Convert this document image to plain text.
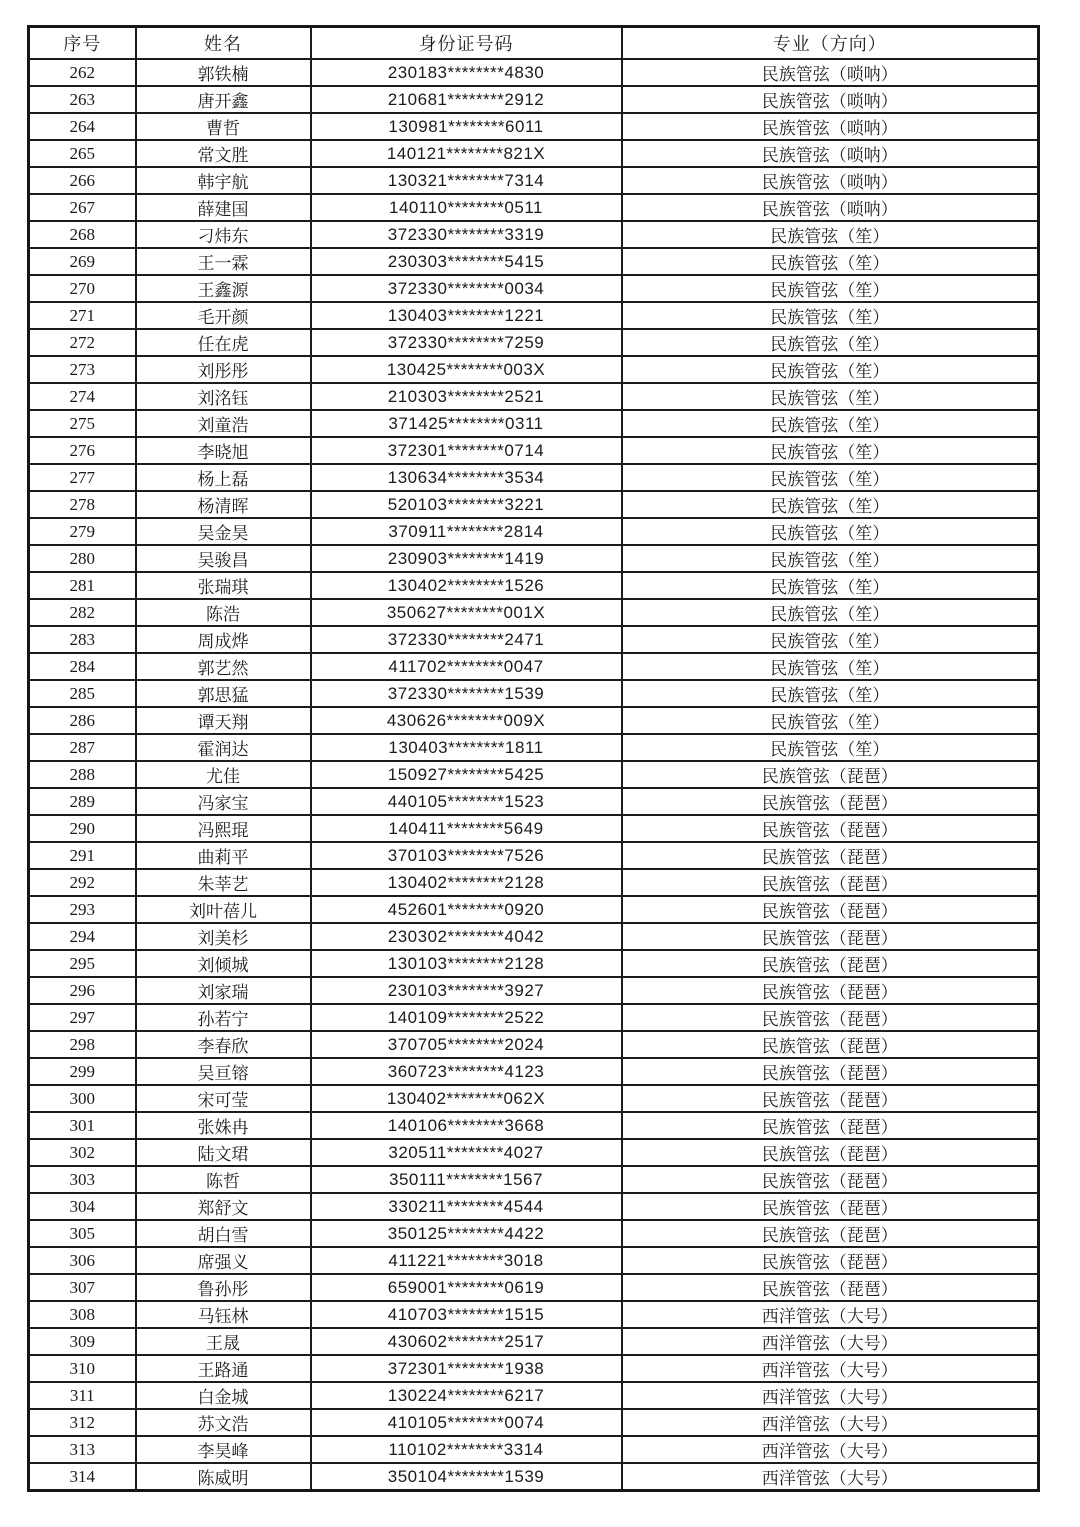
序号	姓名	身份证号码	专业（方向）
262	郭铁楠	230183********4830	民族管弦（唢呐）
263	唐开鑫	210681********2912	民族管弦（唢呐）
264	曹哲	130981********6011	民族管弦（唢呐）
265	常文胜	140121********821X	民族管弦（唢呐）
266	韩宇航	130321********7314	民族管弦（唢呐）
267	薛建国	140110********0511	民族管弦（唢呐）
268	刁炜东	372330********3319	民族管弦（笙）
269	王一霖	230303********5415	民族管弦（笙）
270	王鑫源	372330********0034	民族管弦（笙）
271	毛开颜	130403********1221	民族管弦（笙）
272	任在虎	372330********7259	民族管弦（笙）
273	刘彤彤	130425********003X	民族管弦（笙）
274	刘洺钰	210303********2521	民族管弦（笙）
275	刘童浩	371425********0311	民族管弦（笙）
276	李晓旭	372301********0714	民族管弦（笙）
277	杨上磊	130634********3534	民族管弦（笙）
278	杨清晖	520103********3221	民族管弦（笙）
279	吴金昊	370911********2814	民族管弦（笙）
280	吴骏昌	230903********1419	民族管弦（笙）
281	张瑞琪	130402********1526	民族管弦（笙）
282	陈浩	350627********001X	民族管弦（笙）
283	周成烨	372330********2471	民族管弦（笙）
284	郭艺然	411702********0047	民族管弦（笙）
285	郭思猛	372330********1539	民族管弦（笙）
286	谭天翔	430626********009X	民族管弦（笙）
287	霍润达	130403********1811	民族管弦（笙）
288	尤佳	150927********5425	民族管弦（琵琶）
289	冯家宝	440105********1523	民族管弦（琵琶）
290	冯熙琨	140411********5649	民族管弦（琵琶）
291	曲莉平	370103********7526	民族管弦（琵琶）
292	朱莘艺	130402********2128	民族管弦（琵琶）
293	刘叶蓓儿	452601********0920	民族管弦（琵琶）
294	刘美杉	230302********4042	民族管弦（琵琶）
295	刘倾城	130103********2128	民族管弦（琵琶）
296	刘家瑞	230103********3927	民族管弦（琵琶）
297	孙若宁	140109********2522	民族管弦（琵琶）
298	李春欣	370705********2024	民族管弦（琵琶）
299	吴亘镕	360723********4123	民族管弦（琵琶）
300	宋可莹	130402********062X	民族管弦（琵琶）
301	张姝冉	140106********3668	民族管弦（琵琶）
302	陆文珺	320511********4027	民族管弦（琵琶）
303	陈哲	350111********1567	民族管弦（琵琶）
304	郑舒文	330211********4544	民族管弦（琵琶）
305	胡白雪	350125********4422	民族管弦（琵琶）
306	席强义	411221********3018	民族管弦（琵琶）
307	鲁孙彤	659001********0619	民族管弦（琵琶）
308	马钰林	410703********1515	西洋管弦（大号）
309	王晟	430602********2517	西洋管弦（大号）
310	王路通	372301********1938	西洋管弦（大号）
311	白金城	130224********6217	西洋管弦（大号）
312	苏文浩	410105********0074	西洋管弦（大号）
313	李昊峰	110102********3314	西洋管弦（大号）
314	陈威明	350104********1539	西洋管弦（大号）
